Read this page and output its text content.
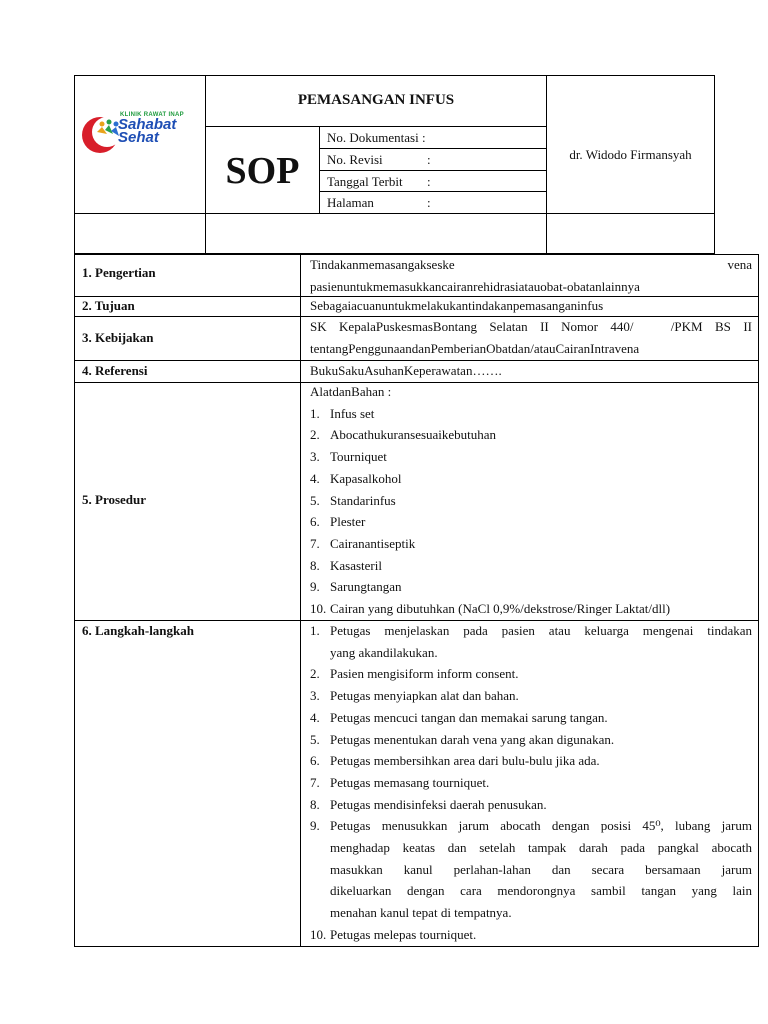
KLINIK RAWAT INAP
Sahabat
Sehat
PEMASANGAN INFUS
SOP
No. Dokumentasi :
No. Revisi	:
Tanggal Terbit :
Halaman	:
dr. Widodo Firmansyah
1. Pengertian
Tindakanmemasangakseske	vena
pasienuntukmemasukkancairanrehidrasiatauobat-obatanlainnya
2. Tujuan	Sebagaiacuanuntukmelakukantindakanpemasanganinfus
3. Kebijakan
SK  KepalaPuskesmasBontang  Selatan  II  Nomor  440/      /PKM  BS  II
tentangPenggunaandanPemberianObatdan/atauCairanIntravena
4. Referensi	BukuSakuAsuhanKeperawatan…….
5. Prosedur
AlatdanBahan :
1. Infus set
2. Abocathukuransesuaikebutuhan
3. Tourniquet
4. Kapasalkohol
5. Standarinfus
6. Plester
7. Cairanantiseptik
8. Kasasteril
9. Sarungtangan
10. Cairan yang dibutuhkan (NaCl 0,9%/dekstrose/Ringer Laktat/dll)
6. Langkah-langkah	1. Petugas menjelaskan pada pasien atau keluarga mengenai tindakan
yang akandilakukan.
2. Pasien mengisiform inform consent.
3. Petugas menyiapkan alat dan bahan.
4. Petugas mencuci tangan dan memakai sarung tangan.
5. Petugas menentukan darah vena yang akan digunakan.
6. Petugas membersihkan area dari bulu-bulu jika ada.
7. Petugas memasang tourniquet.
8. Petugas mendisinfeksi daerah penusukan.
9. Petugas menusukkan jarum abocath dengan posisi 45⁰, lubang jarum
menghadap keatas dan setelah tampak darah pada pangkal abocath
masukkan kanul perlahan-lahan dan secara bersamaan jarum
dikeluarkan dengan cara mendorongnya sambil tangan yang lain
menahan kanul tepat di tempatnya.
10. Petugas melepas tourniquet.
